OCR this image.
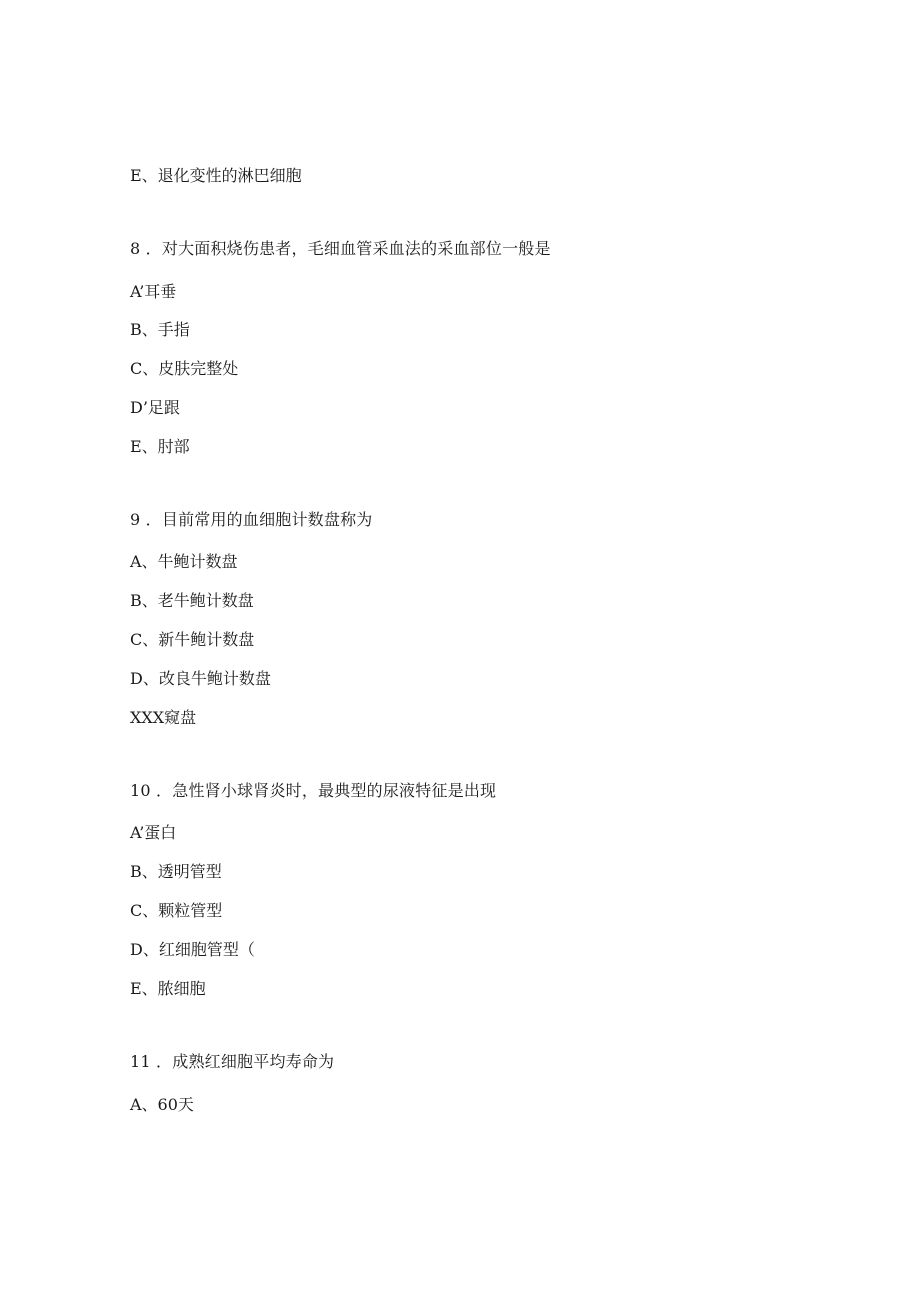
E、退化变性的淋巴细胞
8 ．对大面积烧伤患者，毛细血管采血法的采血部位一般是
A’耳垂
B、手指
C、皮肤完整处
D’足跟
E、肘部
9 ．目前常用的血细胞计数盘称为
A、牛鲍计数盘
B、老牛鲍计数盘
C、新牛鲍计数盘
D、改良牛鲍计数盘
XXX窥盘
10 ．急性肾小球肾炎时，最典型的尿液特征是出现
A’蛋白
B、透明管型
C、颗粒管型
D、红细胞管型（
E、脓细胞
11 ．成熟红细胞平均寿命为
A、60天
